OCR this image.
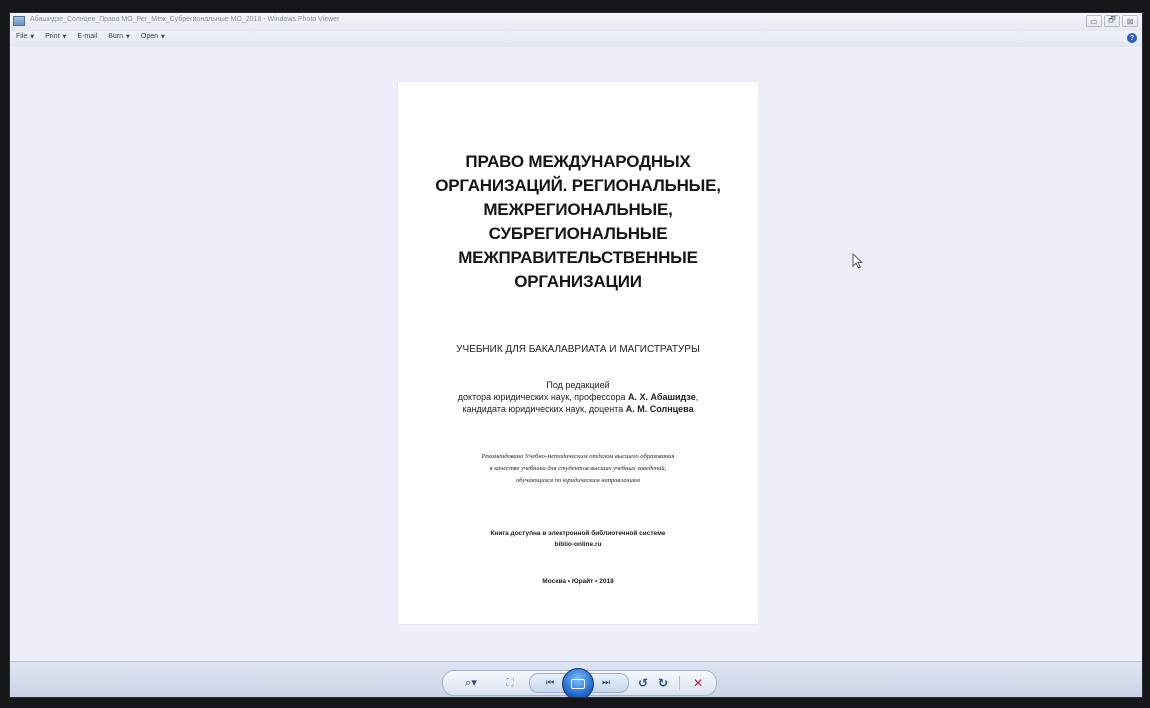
Абашидзе_Солнцев_Право МО_Рег_Меж_Субрегиональные МО_2018 - Windows Photo Viewer	▭	🗗	⊠
File ▼ Print ▼ E-mail Burn ▼ Open ▼	?
ПРАВО МЕЖДУНАРОДНЫХ
ОРГАНИЗАЦИЙ. РЕГИОНАЛЬНЫЕ,
МЕЖРЕГИОНАЛЬНЫЕ,
СУБРЕГИОНАЛЬНЫЕ
МЕЖПРАВИТЕЛЬСТВЕННЫЕ
ОРГАНИЗАЦИИ
УЧЕБНИК ДЛЯ БАКАЛАВРИАТА И МАГИСТРАТУРЫ
Под редакцией
доктора юридических наук, профессора А. Х. Абашидзе,
кандидата юридических наук, доцента А. М. Солнцева
Рекомендовано Учебно-методическим отделом высшего образования
в качестве учебника для студентов высших учебных заведений,
обучающихся по юридическим направлениям
Книга доступна в электронной библиотечной системе
biblio-online.ru
Москва • Юрайт • 2018
⌕▾	⛶	⏮	⏭	↺ ↻	✕
